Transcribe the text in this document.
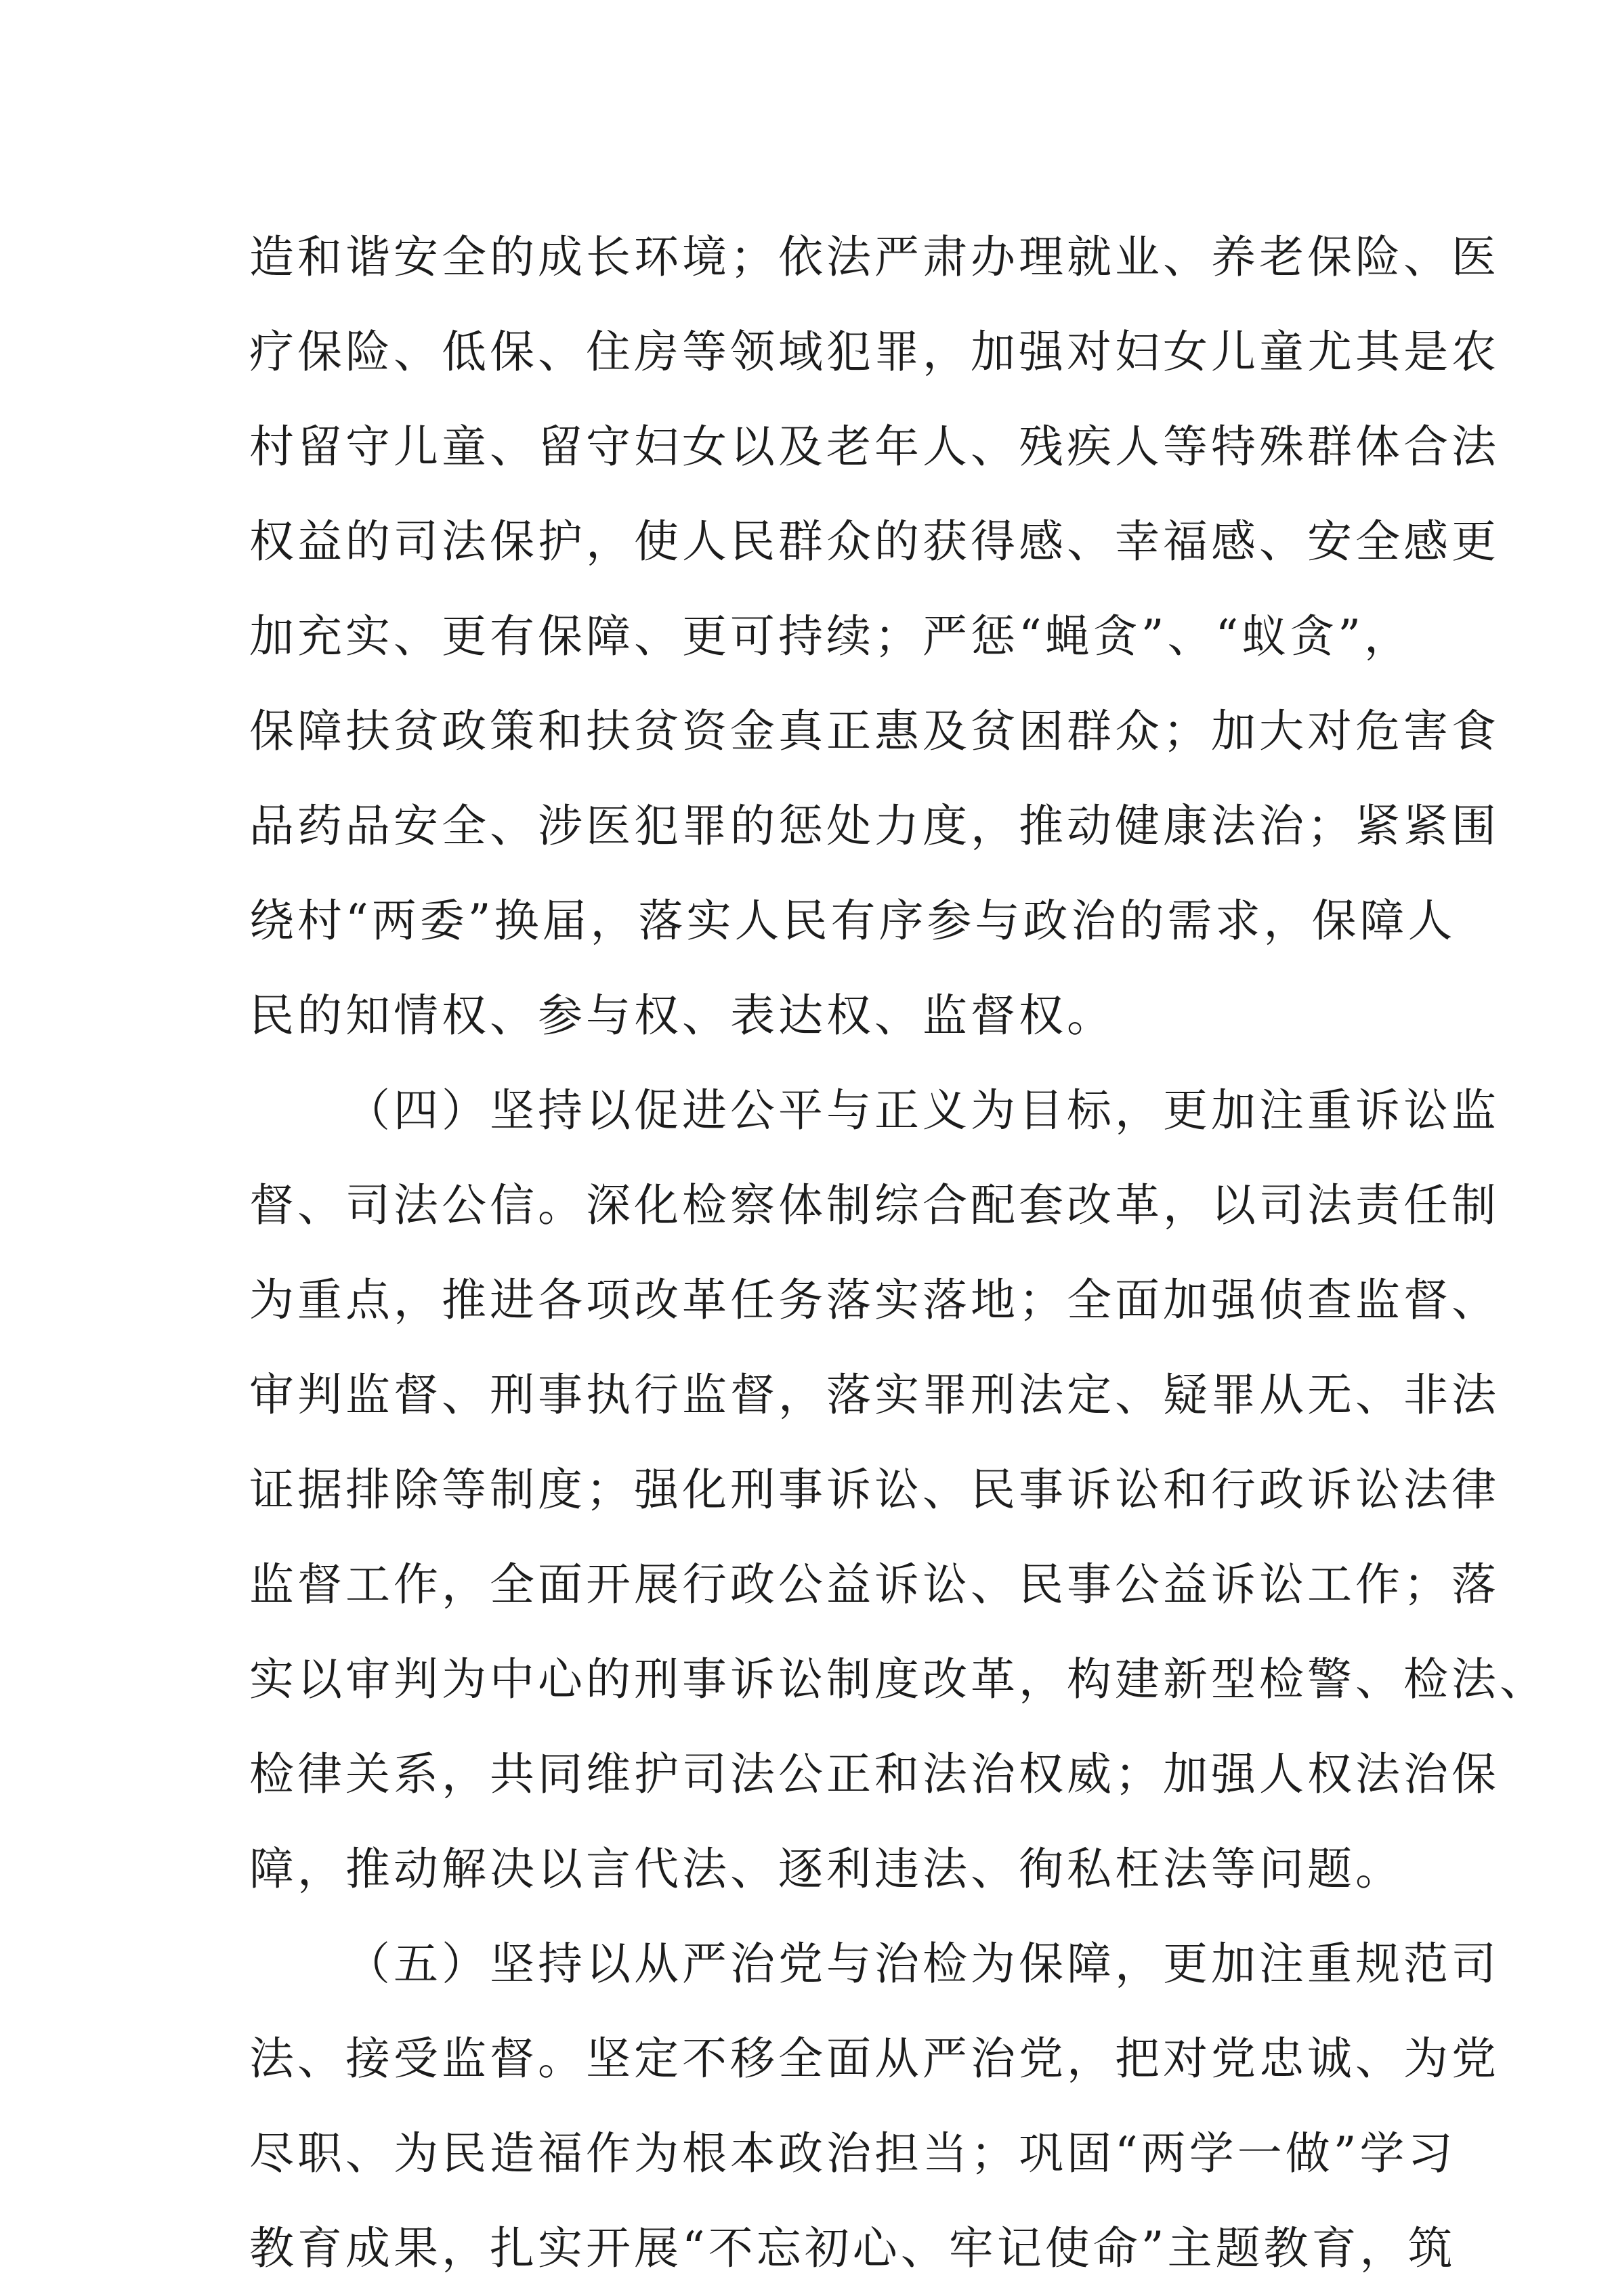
造和谐安全的成长环境；依法严肃办理就业、养老保险、医
疗保险、低保、住房等领域犯罪，加强对妇女儿童尤其是农
村留守儿童、留守妇女以及老年人、残疾人等特殊群体合法
权益的司法保护，使人民群众的获得感、幸福感、安全感更
加充实、更有保障、更可持续；严惩“蝇贪”、“蚁贪”，
保障扶贫政策和扶贫资金真正惠及贫困群众；加大对危害食
品药品安全、涉医犯罪的惩处力度，推动健康法治；紧紧围
绕村“两委”换届，落实人民有序参与政治的需求，保障人
民的知情权、参与权、表达权、监督权。
（四）坚持以促进公平与正义为目标，更加注重诉讼监
督、司法公信。深化检察体制综合配套改革，以司法责任制
为重点，推进各项改革任务落实落地；全面加强侦查监督、
审判监督、刑事执行监督，落实罪刑法定、疑罪从无、非法
证据排除等制度；强化刑事诉讼、民事诉讼和行政诉讼法律
监督工作，全面开展行政公益诉讼、民事公益诉讼工作；落
实以审判为中心的刑事诉讼制度改革，构建新型检警、检法、
检律关系，共同维护司法公正和法治权威；加强人权法治保
障，推动解决以言代法、逐利违法、徇私枉法等问题。
（五）坚持以从严治党与治检为保障，更加注重规范司
法、接受监督。坚定不移全面从严治党，把对党忠诚、为党
尽职、为民造福作为根本政治担当；巩固“两学一做”学习
教育成果，扎实开展“不忘初心、牢记使命”主题教育，筑
